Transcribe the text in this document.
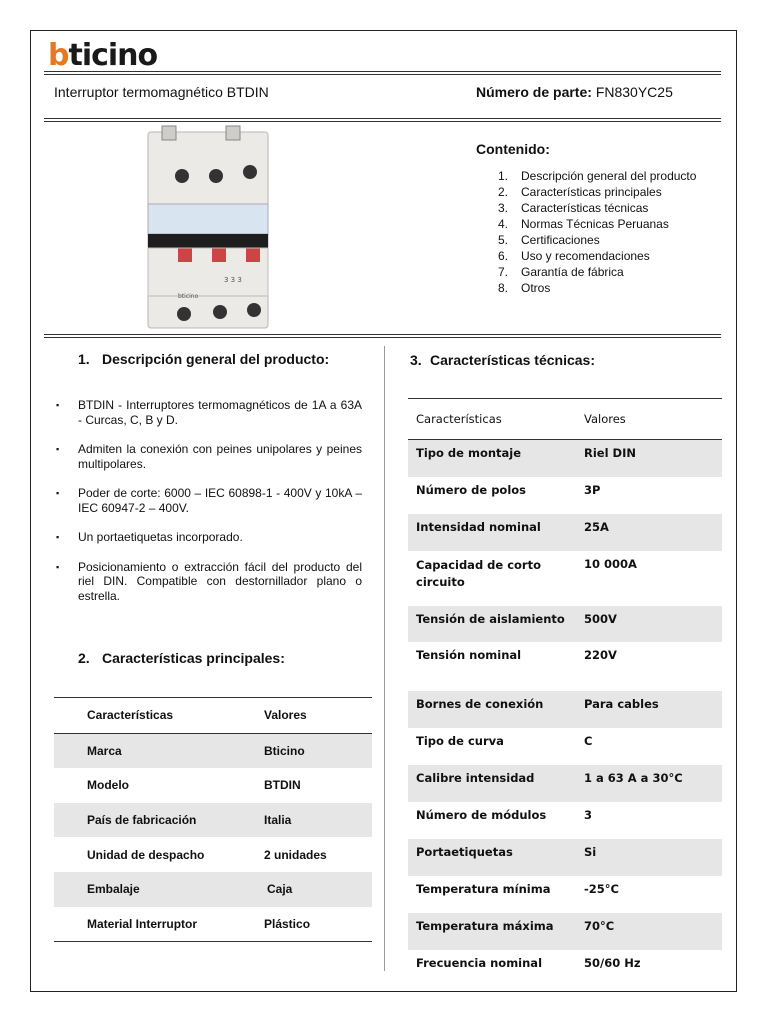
bticino
Interruptor termomagnético BTDIN	Número de parte: FN830YC25
3 3 3
bticino
Contenido:
1.	Descripción general del producto
2.	Características principales
3.	Características técnicas
4.	Normas Técnicas Peruanas
5.	Certificaciones
6.	Uso y recomendaciones
7.	Garantía de fábrica
8.	Otros
1. Descripción general del producto:
▪ BTDIN - Interruptores termomagnéticos de 1A a 63A - Curcas, C, B y D.
▪ Admiten la conexión con peines unipolares y peines multipolares.
▪ Poder de corte: 6000 – IEC 60898-1 - 400V y 10kA – IEC 60947-2 – 400V.
▪ Un portaetiquetas incorporado.
▪ Posicionamiento o extracción fácil del producto del riel DIN. Compatible con destornillador plano o estrella.
2. Características principales:
Características	Valores
Marca	Bticino
Modelo	BTDIN
País de fabricación	Italia
Unidad de despacho	2 unidades
Embalaje	Caja
Material Interruptor	Plástico
3. Características técnicas:
Características	Valores
Tipo de montaje	Riel DIN
Número de polos	3P
Intensidad nominal	25A
Capacidad de corto circuito	10 000A
Tensión de aislamiento	500V
Tensión nominal	220V
Bornes de conexión	Para cables
Tipo de curva	C
Calibre intensidad	1 a 63 A a 30°C
Número de módulos	3
Portaetiquetas	Si
Temperatura mínima	-25°C
Temperatura máxima	70°C
Frecuencia nominal	50/60 Hz
